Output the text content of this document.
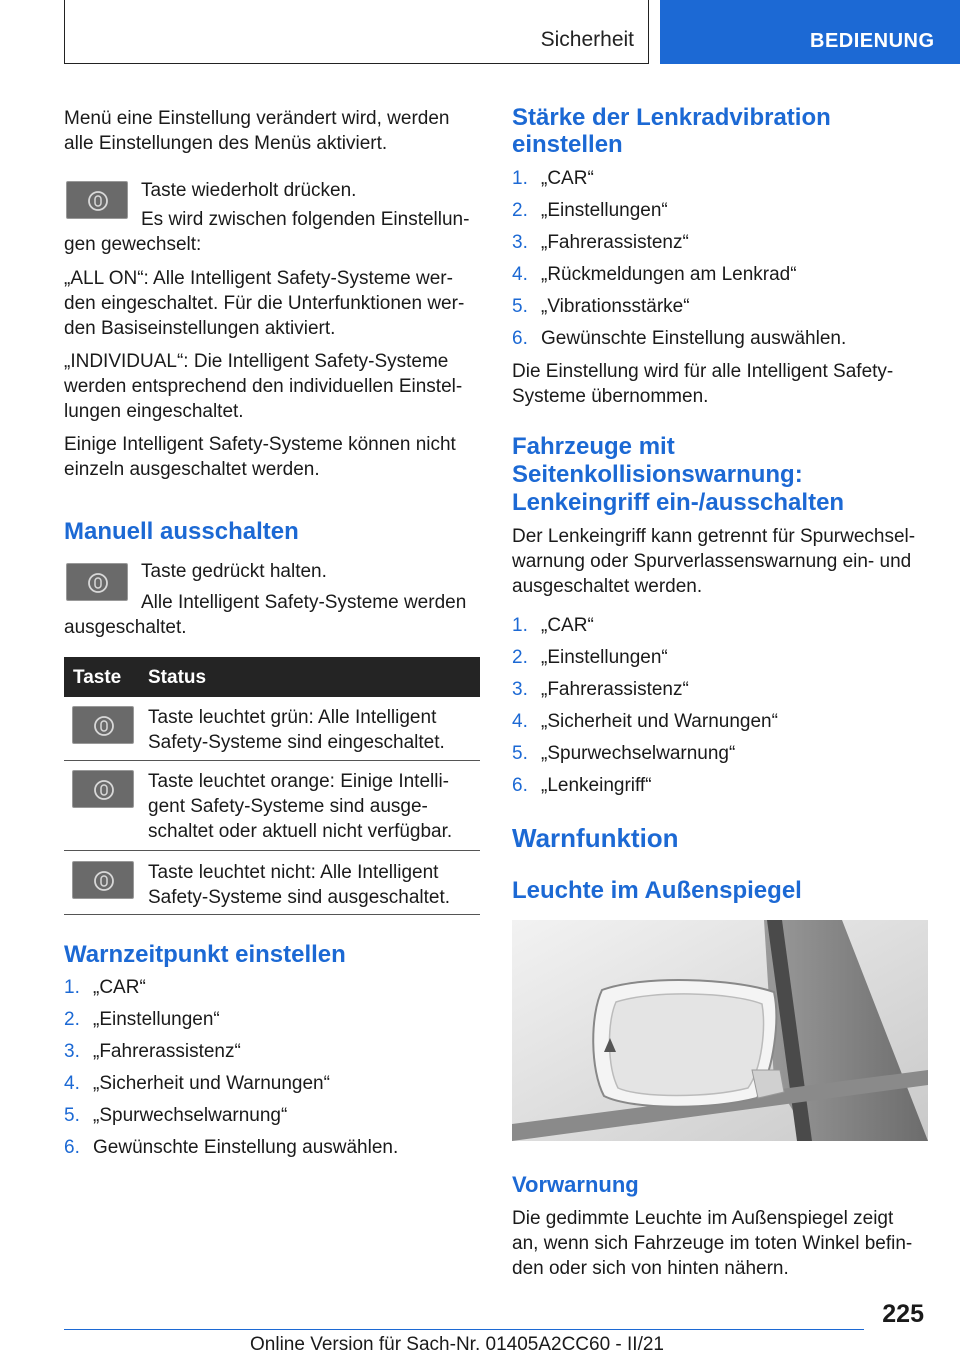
Sicherheit	BEDIENUNG

Menü eine Einstellung verändert wird, werden

alle Einstellungen des Menüs aktiviert.

Taste wiederholt drücken.

Es wird zwischen folgenden Einstellun-

gen gewechselt:

„ALL ON“: Alle Intelligent Safety-Systeme wer-

den eingeschaltet. Für die Unterfunktionen wer-

den Basiseinstellungen aktiviert.

„INDIVIDUAL“: Die Intelligent Safety-Systeme

werden entsprechend den individuellen Einstel-

lungen eingeschaltet.

Einige Intelligent Safety-Systeme können nicht

einzeln ausgeschaltet werden.

Manuell ausschalten

Taste gedrückt halten.

Alle Intelligent Safety-Systeme werden

ausgeschaltet.

Taste Status

Taste leuchtet grün: Alle Intelligent

Safety-Systeme sind eingeschaltet.

Taste leuchtet orange: Einige Intelli-

gent Safety-Systeme sind ausge-

schaltet oder aktuell nicht verfügbar.

Taste leuchtet nicht: Alle Intelligent

Safety-Systeme sind ausgeschaltet.

Warnzeitpunkt einstellen
1. „CAR“
2. „Einstellungen“
3. „Fahrerassistenz“
4. „Sicherheit und Warnungen“
5. „Spurwechselwarnung“
6. Gewünschte Einstellung auswählen.
Stärke der Lenkradvibration
einstellen
1. „CAR“
2. „Einstellungen“
3. „Fahrerassistenz“
4. „Rückmeldungen am Lenkrad“
5. „Vibrationsstärke“
6. Gewünschte Einstellung auswählen.

Die Einstellung wird für alle Intelligent Safety-

Systeme übernommen.

Fahrzeuge mit
Seitenkollisionswarnung:
Lenkeingriff ein-/ausschalten

Der Lenkeingriff kann getrennt für Spurwechsel-

warnung oder Spurverlassenswarnung ein- und

ausgeschaltet werden.

1. „CAR“
2. „Einstellungen“
3. „Fahrerassistenz“
4. „Sicherheit und Warnungen“
5. „Spurwechselwarnung“
6. „Lenkeingriff“
Warnfunktion
Leuchte im Außenspiegel
Vorwarnung

Die gedimmte Leuchte im Außenspiegel zeigt

an, wenn sich Fahrzeuge im toten Winkel befin-

den oder sich von hinten nähern.

225
Online Version für Sach-Nr. 01405A2CC60 - II/21
